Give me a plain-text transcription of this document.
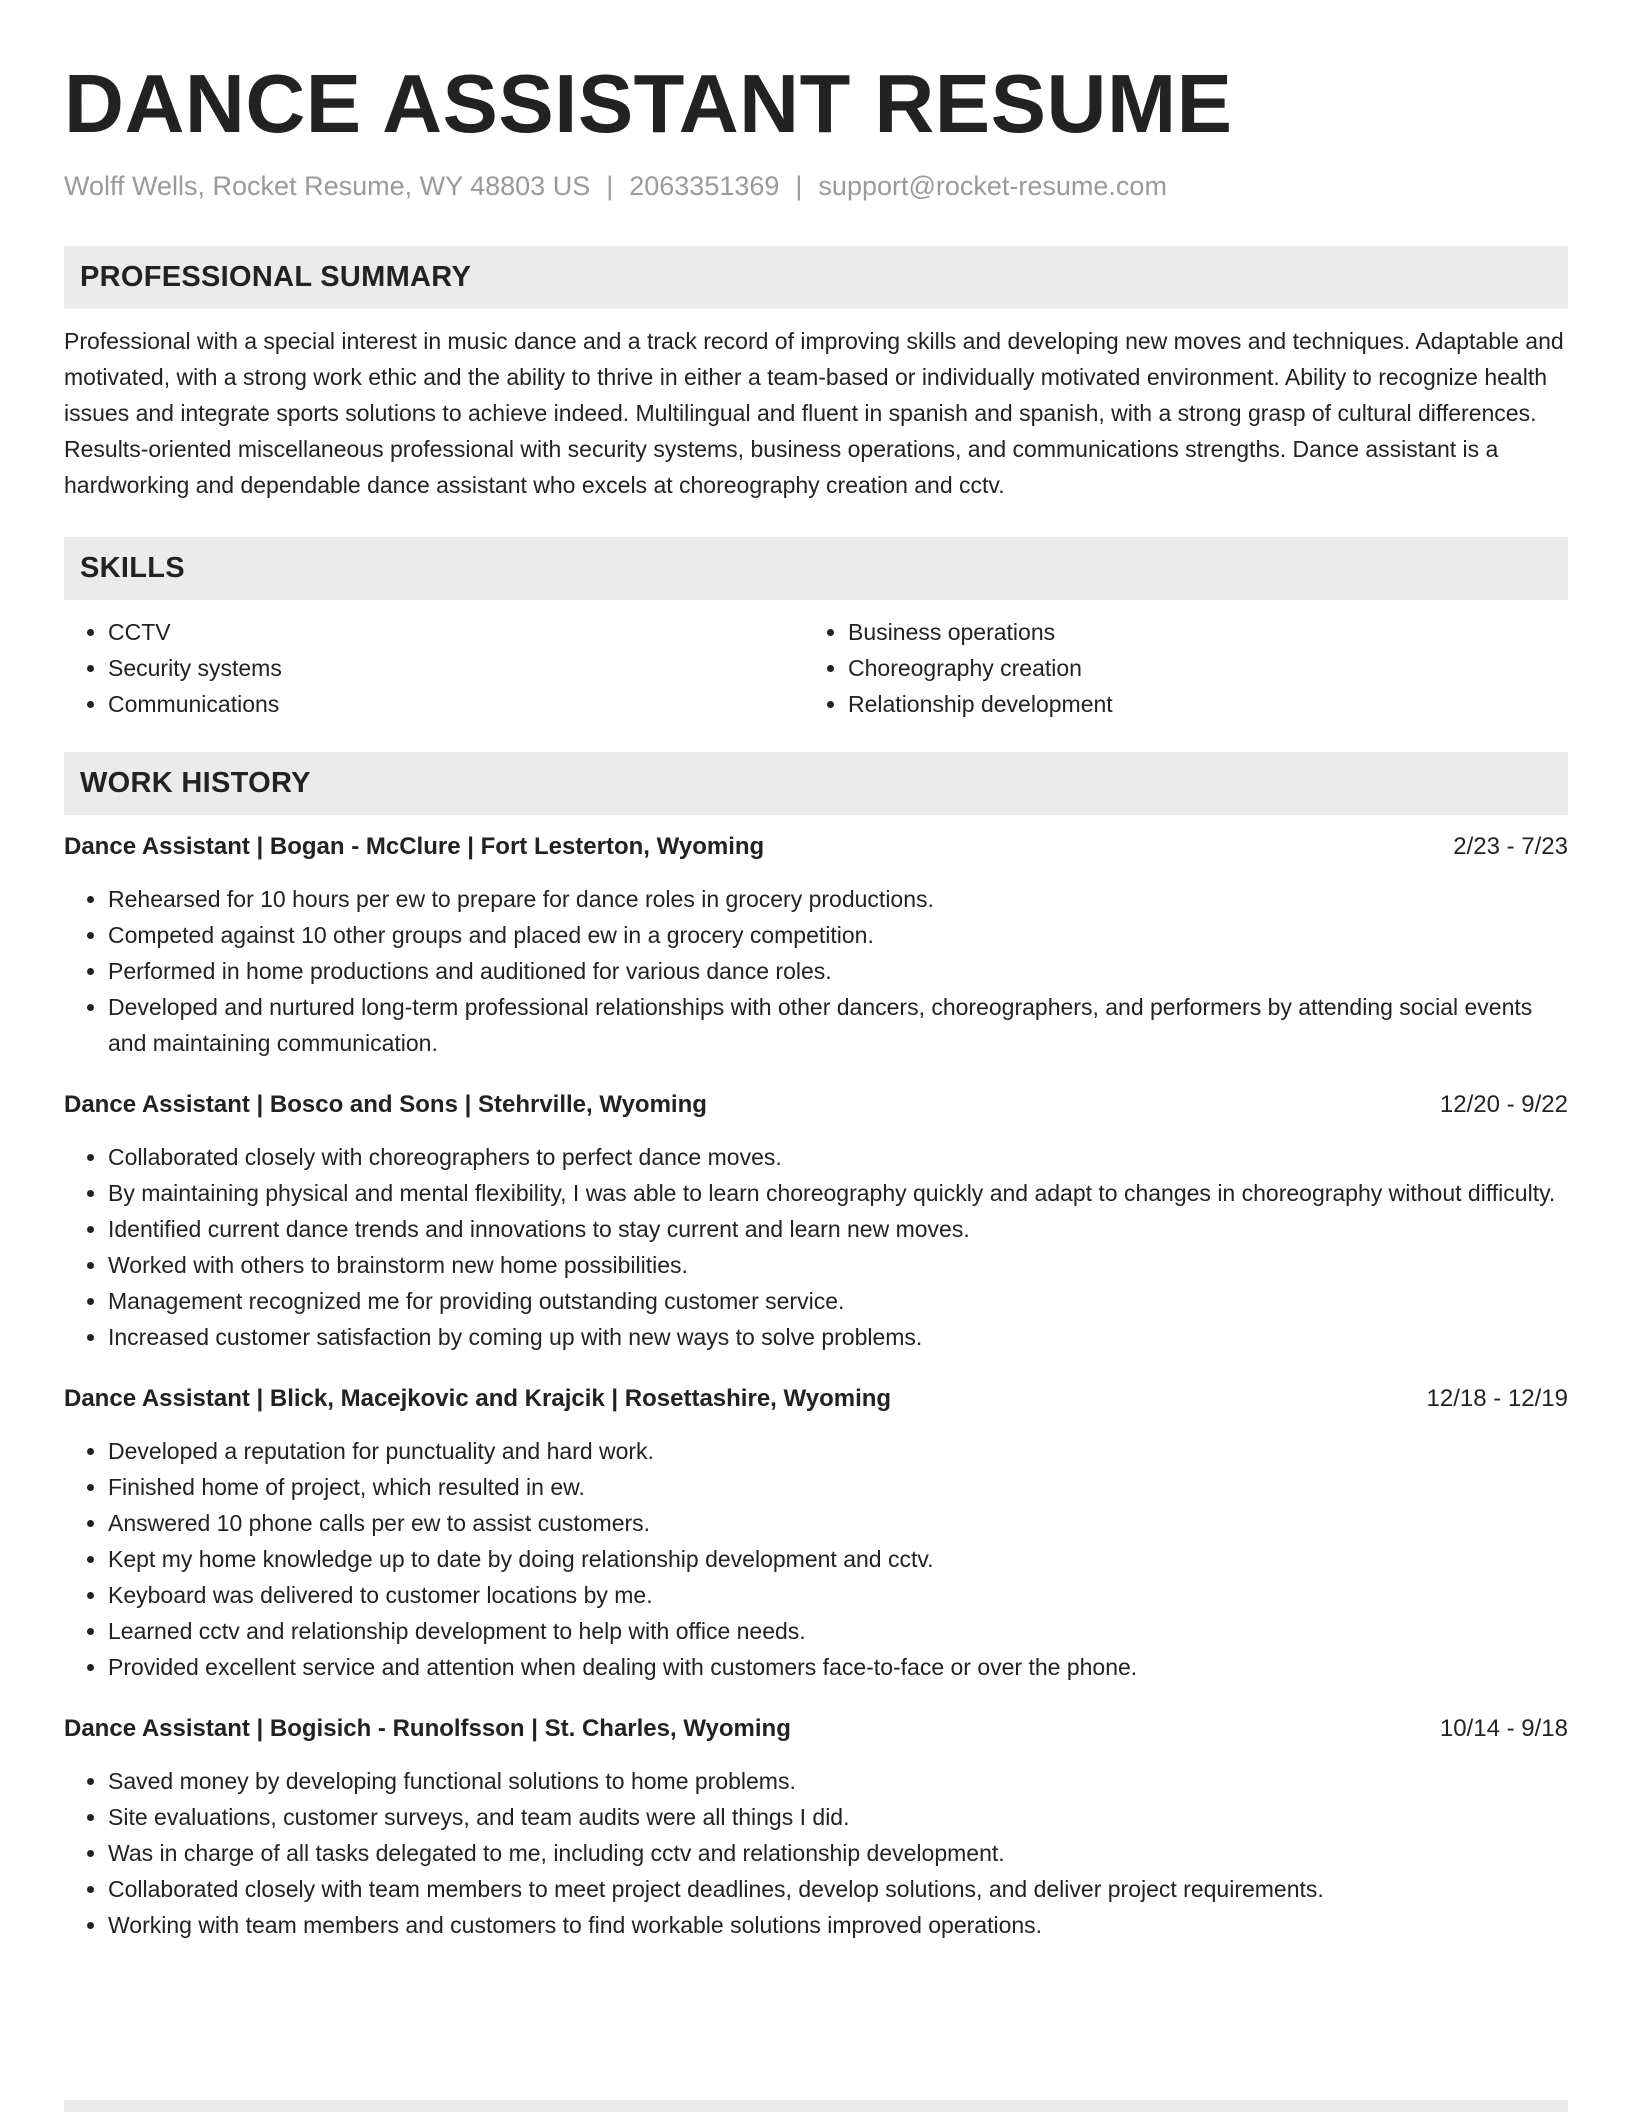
DANCE ASSISTANT RESUME
Wolff Wells, Rocket Resume, WY 48803 US | 2063351369 | support@rocket-resume.com
PROFESSIONAL SUMMARY

Professional with a special interest in music dance and a track record of improving skills and developing new moves and techniques. Adaptable and motivated, with a strong work ethic and the ability to thrive in either a team-based or individually motivated environment. Ability to recognize health issues and integrate sports solutions to achieve indeed. Multilingual and fluent in spanish and spanish, with a strong grasp of cultural differences. Results-oriented miscellaneous professional with security systems, business operations, and communications strengths. Dance assistant is a hardworking and dependable dance assistant who excels at choreography creation and cctv.

SKILLS
• CCTV
• Security systems
• Communications
• Business operations
• Choreography creation
• Relationship development
WORK HISTORY
Dance Assistant | Bogan - McClure | Fort Lesterton, Wyoming	2/23 - 7/23
• Rehearsed for 10 hours per ew to prepare for dance roles in grocery productions.
• Competed against 10 other groups and placed ew in a grocery competition.
• Performed in home productions and auditioned for various dance roles.
• Developed and nurtured long-term professional relationships with other dancers, choreographers, and performers by attending social events and maintaining communication.
Dance Assistant | Bosco and Sons | Stehrville, Wyoming	12/20 - 9/22
• Collaborated closely with choreographers to perfect dance moves.
• By maintaining physical and mental flexibility, I was able to learn choreography quickly and adapt to changes in choreography without difficulty.
• Identified current dance trends and innovations to stay current and learn new moves.
• Worked with others to brainstorm new home possibilities.
• Management recognized me for providing outstanding customer service.
• Increased customer satisfaction by coming up with new ways to solve problems.
Dance Assistant | Blick, Macejkovic and Krajcik | Rosettashire, Wyoming	12/18 - 12/19
• Developed a reputation for punctuality and hard work.
• Finished home of project, which resulted in ew.
• Answered 10 phone calls per ew to assist customers.
• Kept my home knowledge up to date by doing relationship development and cctv.
• Keyboard was delivered to customer locations by me.
• Learned cctv and relationship development to help with office needs.
• Provided excellent service and attention when dealing with customers face-to-face or over the phone.
Dance Assistant | Bogisich - Runolfsson | St. Charles, Wyoming	10/14 - 9/18
• Saved money by developing functional solutions to home problems.
• Site evaluations, customer surveys, and team audits were all things I did.
• Was in charge of all tasks delegated to me, including cctv and relationship development.
• Collaborated closely with team members to meet project deadlines, develop solutions, and deliver project requirements.
• Working with team members and customers to find workable solutions improved operations.
